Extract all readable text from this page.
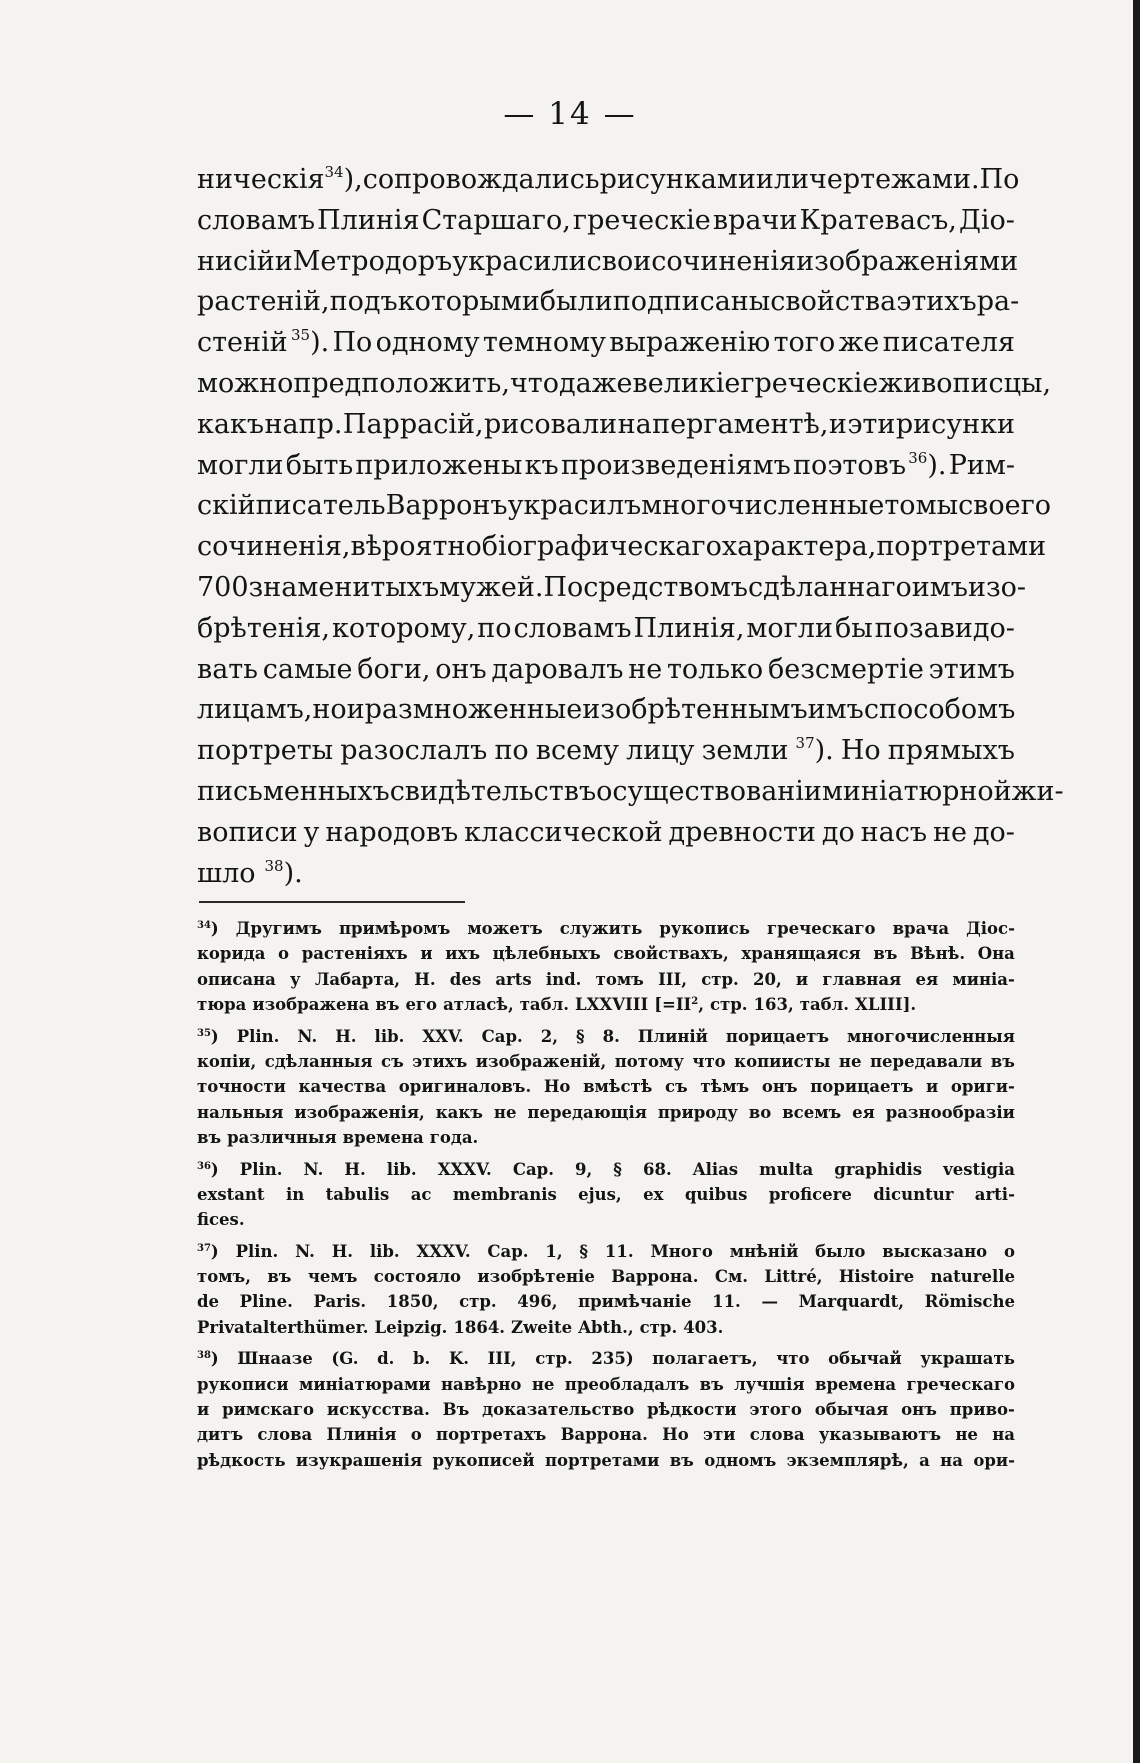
— 14 —
ническія $^{34}$), сопровождались рисунками или чертежами. По
словамъ Плинія Старшаго, греческіе врачи Кратевасъ, Діо-
нисій и Метродоръ украсили свои сочиненія изображеніями
растеній, подъ которыми были подписаны свойства этихъ ра-
стеній $^{35}$). По одному темному выраженію того же писателя
можно предположить, что даже великіе греческіе живописцы,
какъ напр. Паррасій, рисовали на пергаментѣ, и эти рисунки
могли быть приложены къ произведеніямъ поэтовъ $^{36}$). Рим-
скій писатель Варронъ украсилъ многочисленные томы своего
сочиненія, вѣроятно біографическаго характера, портретами
700 знаменитыхъ мужей. Посредствомъ сдѣланнаго имъ изо-
брѣтенія, которому, по словамъ Плинія, могли бы позавидо-
вать самые боги, онъ даровалъ не только безсмертіе этимъ
лицамъ, но и размноженные изобрѣтеннымъ имъ способомъ
портреты разослалъ по всему лицу земли $^{37}$). Но прямыхъ
письменныхъ свидѣтельствъ о существованіи миніатюрной жи-
вописи у народовъ классической древности до насъ не до-
шло $^{38}$).
$^{34}$) Другимъ примѣромъ можетъ служить рукопись греческаго врача Діос-
корида о растеніяхъ и ихъ цѣлебныхъ свойствахъ, хранящаяся въ Вѣнѣ. Она
описана у Лабарта, H. des arts ind. томъ III, стр. 20, и главная ея миніа-
тюра изображена въ его атласѣ, табл. LXXVIII [$=II^2$, стр. 163, табл. XLIII].
$^{35}$) Plin. N. H. lib. XXV. Cap. 2, § 8. Плиній порицаетъ многочисленныя
копіи, сдѣланныя съ этихъ изображеній, потому что копиисты не передавали въ
точности качества оригиналовъ. Но вмѣстѣ съ тѣмъ онъ порицаетъ и ориги-
нальныя изображенія, какъ не передающія природу во всемъ ея разнообразіи
въ различныя времена года.
$^{36}$) Plin. N. H. lib. XXXV. Cap. 9, § 68. Alias multa graphidis vestigia
exstant in tabulis ac membranis ejus, ex quibus proficere dicuntur arti-
fices.
$^{37}$) Plin. N. H. lib. XXXV. Cap. 1, § 11. Много мнѣній было высказано о
томъ, въ чемъ состояло изобрѣтеніе Варрона. См. Littré, Histoire naturelle
de Pline. Paris. 1850, стр. 496, примѣчаніе 11. — Marquardt, Römische
Privatalterthümer. Leipzig. 1864. Zweite Abth., стр. 403.
$^{38}$) Шнаазе (G. d. b. K. III, стр. 235) полагаетъ, что обычай украшать
рукописи миніатюрами навѣрно не преобладалъ въ лучшія времена греческаго
и римскаго искусства. Въ доказательство рѣдкости этого обычая онъ приво-
дитъ слова Плинія о портретахъ Варрона. Но эти слова указываютъ не на
рѣдкость изукрашенія рукописей портретами въ одномъ экземплярѣ, а на ори-
